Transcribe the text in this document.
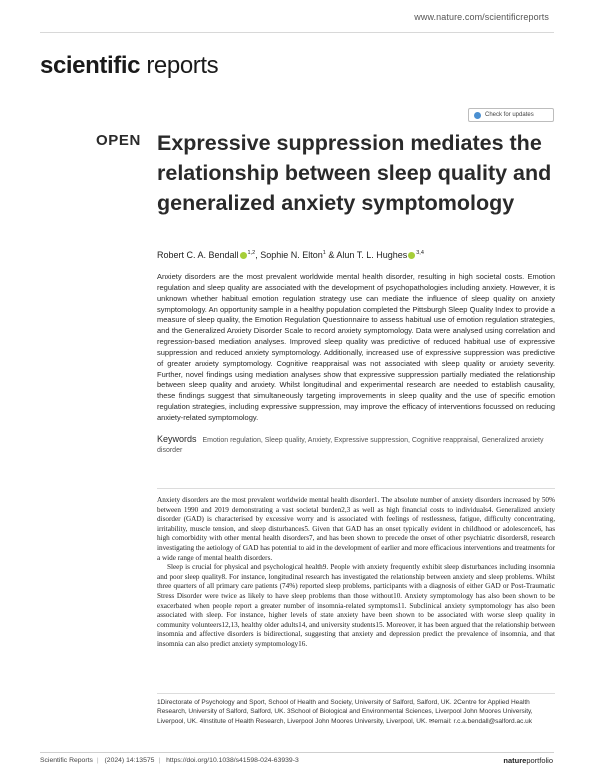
www.nature.com/scientificreports
scientific reports
Check for updates
OPEN Expressive suppression mediates the relationship between sleep quality and generalized anxiety symptomology
Robert C. A. Bendall $^{1,2}$, Sophie N. Elton$^1$ & Alun T. L. Hughes $^{3,4}$

Anxiety disorders are the most prevalent worldwide mental health disorder, resulting in high societal costs. Emotion regulation and sleep quality are associated with the development of psychopathologies including anxiety. However, it is unknown whether habitual emotion regulation strategy use can mediate the influence of sleep quality on anxiety symptomology. An opportunity sample in a healthy population completed the Pittsburgh Sleep Quality Index to provide a measure of sleep quality, the Emotion Regulation Questionnaire to assess habitual use of emotion regulation strategies, and the Generalized Anxiety Disorder Scale to record anxiety symptomology. Data were analysed using correlation and regression-based mediation analyses. Improved sleep quality was predictive of reduced habitual use of expressive suppression and reduced anxiety symptomology. Additionally, increased use of expressive suppression was predictive of greater anxiety symptomology. Cognitive reappraisal was not associated with sleep quality or anxiety severity. Further, novel findings using mediation analyses show that expressive suppression partially mediated the relationship between sleep quality and anxiety. Whilst longitudinal and experimental research are needed to establish causality, these findings suggest that simultaneously targeting improvements in sleep quality and the use of specific emotion regulation strategies, including expressive suppression, may improve the efficacy of interventions focussed on reducing anxiety-related symptomology.

Keywords Emotion regulation, Sleep quality, Anxiety, Expressive suppression, Cognitive reappraisal, Generalized anxiety disorder

Anxiety disorders are the most prevalent worldwide mental health disorder1. The absolute number of anxiety disorders increased by 50% between 1990 and 2019 demonstrating a vast societal burden2,3 as well as high financial costs to individuals4. Generalized anxiety disorder (GAD) is characterised by excessive worry and is associated with feelings of restlessness, fatigue, difficulty concentrating, irritability, muscle tension, and sleep disturbances5. Given that GAD has an onset typically evident in childhood or adolescence6, has high comorbidity with other mental health disorders7, and has been shown to precede the onset of other psychiatric disorders8, research investigating the aetiology of GAD has potential to aid in the development of earlier and more efficacious interventions and treatments for a wide range of mental health disorders.

Sleep is crucial for physical and psychological health9. People with anxiety frequently exhibit sleep disturbances including insomnia and poor sleep quality8. For instance, longitudinal research has investigated the relationship between anxiety and sleep problems. Whilst three quarters of all primary care patients (74%) reported sleep problems, participants with a diagnosis of either GAD or Post-Traumatic Stress Disorder were twice as likely to have sleep problems than those without10. Anxiety symptomology has also been shown to be exacerbated when people report a greater number of insomnia-related symptoms11. Subclinical anxiety symptomology has also been associated with sleep. For instance, higher levels of state anxiety have been shown to be associated with worse sleep quality in community volunteers12,13, healthy older adults14, and university students15. Moreover, it has been argued that the relationship between insomnia and affective disorders is bidirectional, suggesting that anxiety and depression predict the prevalence of insomnia, and that insomnia can also predict anxiety symptomology16.

1Directorate of Psychology and Sport, School of Health and Society, University of Salford, Salford, UK. 2Centre for Applied Health Research, University of Salford, Salford, UK. 3School of Biological and Environmental Sciences, Liverpool John Moores University, Liverpool, UK. 4Institute of Health Research, Liverpool John Moores University, Liverpool, UK. ✉email: r.c.a.bendall@salford.ac.uk

Scientific Reports | (2024) 14:13575 | https://doi.org/10.1038/s41598-024-63939-3	natureportfolio
